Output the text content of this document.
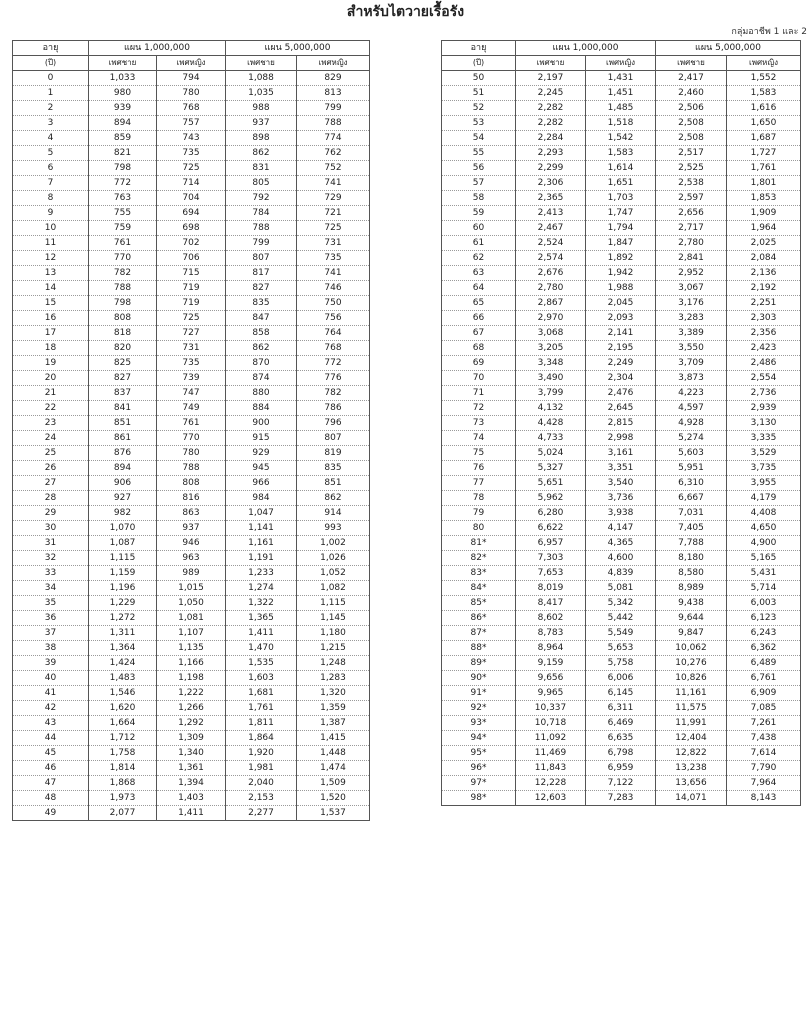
สำหรับไตวายเรื้อรัง
กลุ่มอาชีพ 1 และ 2
อายุ	แผน 1,000,000		แผน 5,000,000	
(ปี)	เพศชาย	เพศหญิง	เพศชาย	เพศหญิง
0	1,033	794	1,088	829
1	980	780	1,035	813
2	939	768	988	799
3	894	757	937	788
4	859	743	898	774
5	821	735	862	762
6	798	725	831	752
7	772	714	805	741
8	763	704	792	729
9	755	694	784	721
10	759	698	788	725
11	761	702	799	731
12	770	706	807	735
13	782	715	817	741
14	788	719	827	746
15	798	719	835	750
16	808	725	847	756
17	818	727	858	764
18	820	731	862	768
19	825	735	870	772
20	827	739	874	776
21	837	747	880	782
22	841	749	884	786
23	851	761	900	796
24	861	770	915	807
25	876	780	929	819
26	894	788	945	835
27	906	808	966	851
28	927	816	984	862
29	982	863	1,047	914
30	1,070	937	1,141	993
31	1,087	946	1,161	1,002
32	1,115	963	1,191	1,026
33	1,159	989	1,233	1,052
34	1,196	1,015	1,274	1,082
35	1,229	1,050	1,322	1,115
36	1,272	1,081	1,365	1,145
37	1,311	1,107	1,411	1,180
38	1,364	1,135	1,470	1,215
39	1,424	1,166	1,535	1,248
40	1,483	1,198	1,603	1,283
41	1,546	1,222	1,681	1,320
42	1,620	1,266	1,761	1,359
43	1,664	1,292	1,811	1,387
44	1,712	1,309	1,864	1,415
45	1,758	1,340	1,920	1,448
46	1,814	1,361	1,981	1,474
47	1,868	1,394	2,040	1,509
48	1,973	1,403	2,153	1,520
49	2,077	1,411	2,277	1,537
อายุ	แผน 1,000,000		แผน 5,000,000	
(ปี)	เพศชาย	เพศหญิง	เพศชาย	เพศหญิง
50	2,197	1,431	2,417	1,552
51	2,245	1,451	2,460	1,583
52	2,282	1,485	2,506	1,616
53	2,282	1,518	2,508	1,650
54	2,284	1,542	2,508	1,687
55	2,293	1,583	2,517	1,727
56	2,299	1,614	2,525	1,761
57	2,306	1,651	2,538	1,801
58	2,365	1,703	2,597	1,853
59	2,413	1,747	2,656	1,909
60	2,467	1,794	2,717	1,964
61	2,524	1,847	2,780	2,025
62	2,574	1,892	2,841	2,084
63	2,676	1,942	2,952	2,136
64	2,780	1,988	3,067	2,192
65	2,867	2,045	3,176	2,251
66	2,970	2,093	3,283	2,303
67	3,068	2,141	3,389	2,356
68	3,205	2,195	3,550	2,423
69	3,348	2,249	3,709	2,486
70	3,490	2,304	3,873	2,554
71	3,799	2,476	4,223	2,736
72	4,132	2,645	4,597	2,939
73	4,428	2,815	4,928	3,130
74	4,733	2,998	5,274	3,335
75	5,024	3,161	5,603	3,529
76	5,327	3,351	5,951	3,735
77	5,651	3,540	6,310	3,955
78	5,962	3,736	6,667	4,179
79	6,280	3,938	7,031	4,408
80	6,622	4,147	7,405	4,650
81*	6,957	4,365	7,788	4,900
82*	7,303	4,600	8,180	5,165
83*	7,653	4,839	8,580	5,431
84*	8,019	5,081	8,989	5,714
85*	8,417	5,342	9,438	6,003
86*	8,602	5,442	9,644	6,123
87*	8,783	5,549	9,847	6,243
88*	8,964	5,653	10,062	6,362
89*	9,159	5,758	10,276	6,489
90*	9,656	6,006	10,826	6,761
91*	9,965	6,145	11,161	6,909
92*	10,337	6,311	11,575	7,085
93*	10,718	6,469	11,991	7,261
94*	11,092	6,635	12,404	7,438
95*	11,469	6,798	12,822	7,614
96*	11,843	6,959	13,238	7,790
97*	12,228	7,122	13,656	7,964
98*	12,603	7,283	14,071	8,143
